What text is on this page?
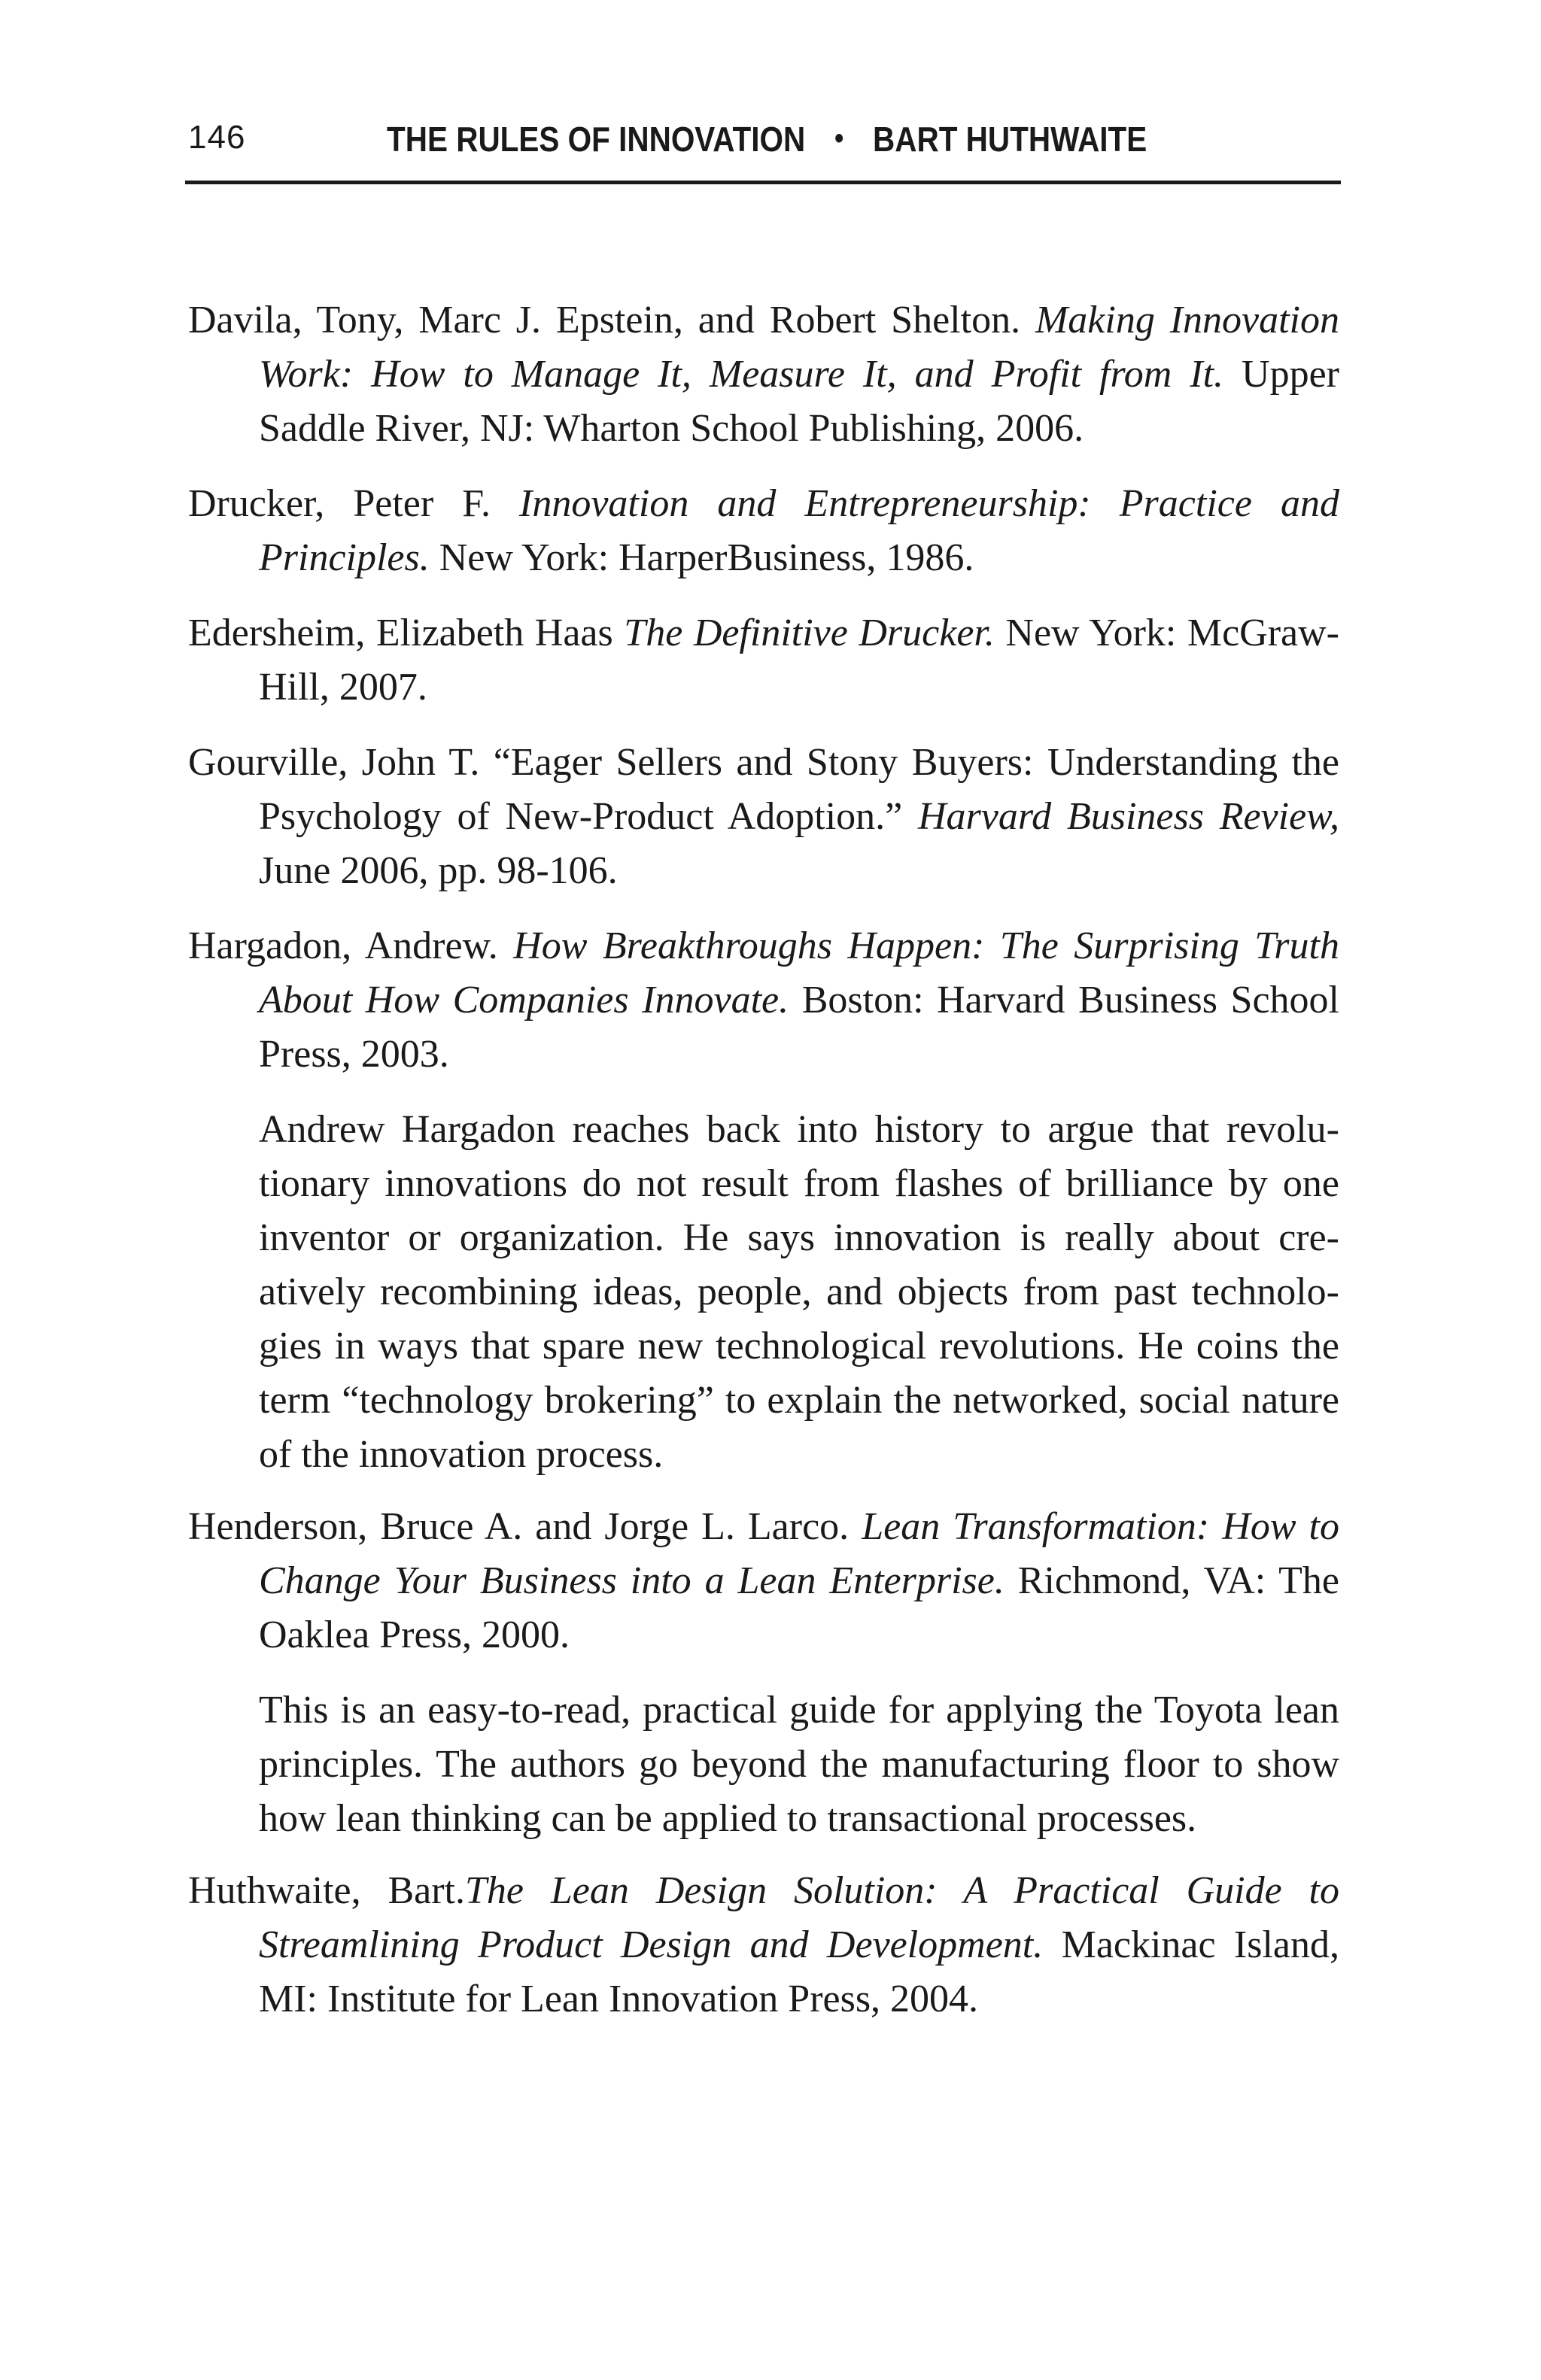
146	THE RULES OF INNOVATION • BART HUTHWAITE

Davila, Tony, Marc J. Epstein, and Robert Shelton. Making Innovation Work: How to Manage It, Measure It, and Profit from It. Upper Saddle River, NJ: Wharton School Publishing, 2006.

Drucker, Peter F. Innovation and Entrepreneurship: Practice and Principles. New York: HarperBusiness, 1986.

Edersheim, Elizabeth Haas The Definitive Drucker. New York: McGraw-Hill, 2007.

Gourville, John T. “Eager Sellers and Stony Buyers: Understanding the Psychology of New-Product Adoption.” Harvard Business Review, June 2006, pp. 98-106.

Hargadon, Andrew. How Breakthroughs Happen: The Surprising Truth About How Companies Innovate. Boston: Harvard Business School Press, 2003.

Andrew Hargadon reaches back into history to argue that revolutionary innovations do not result from flashes of brilliance by one inventor or organization. He says innovation is really about creatively recombining ideas, people, and objects from past technologies in ways that spare new technological revolutions. He coins the term “technology brokering” to explain the networked, social nature of the innovation process.

Henderson, Bruce A. and Jorge L. Larco. Lean Transformation: How to Change Your Business into a Lean Enterprise. Richmond, VA: The Oaklea Press, 2000.

This is an easy-to-read, practical guide for applying the Toyota lean principles. The authors go beyond the manufacturing floor to show how lean thinking can be applied to transactional processes.

Huthwaite, Bart.The Lean Design Solution: A Practical Guide to Streamlining Product Design and Development. Mackinac Island, MI: Institute for Lean Innovation Press, 2004.
